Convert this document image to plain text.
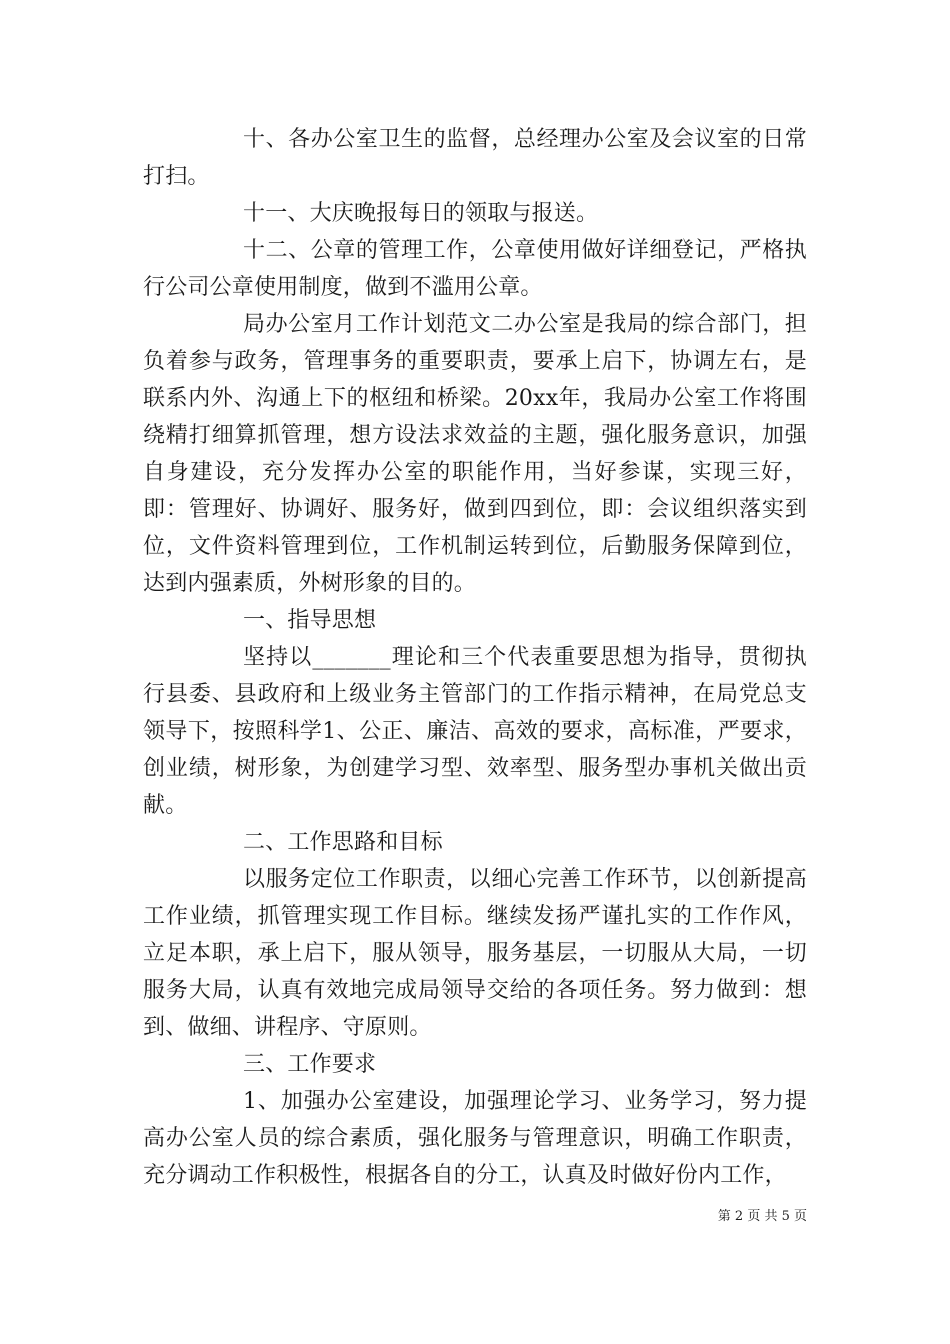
十、各办公室卫生的监督，总经理办公室及会议室的日常打扫。

十一、大庆晚报每日的领取与报送。

十二、公章的管理工作，公章使用做好详细登记，严格执行公司公章使用制度，做到不滥用公章。

局办公室月工作计划范文二办公室是我局的综合部门，担负着参与政务，管理事务的重要职责，要承上启下，协调左右，是联系内外、沟通上下的枢纽和桥梁。20xx年，我局办公室工作将围绕精打细算抓管理，想方设法求效益的主题，强化服务意识，加强自身建设，充分发挥办公室的职能作用，当好参谋，实现三好，即：管理好、协调好、服务好，做到四到位，即：会议组织落实到位，文件资料管理到位，工作机制运转到位，后勤服务保障到位，达到内强素质，外树形象的目的。

一、指导思想

坚持以_______理论和三个代表重要思想为指导，贯彻执行县委、县政府和上级业务主管部门的工作指示精神，在局党总支领导下，按照科学1、公正、廉洁、高效的要求，高标准，严要求，创业绩，树形象，为创建学习型、效率型、服务型办事机关做出贡献。

二、工作思路和目标

以服务定位工作职责，以细心完善工作环节，以创新提高工作业绩，抓管理实现工作目标。继续发扬严谨扎实的工作作风，立足本职，承上启下，服从领导，服务基层，一切服从大局，一切服务大局，认真有效地完成局领导交给的各项任务。努力做到：想到、做细、讲程序、守原则。

三、工作要求

1、加强办公室建设，加强理论学习、业务学习，努力提高办公室人员的综合素质，强化服务与管理意识，明确工作职责，充分调动工作积极性，根据各自的分工，认真及时做好份内工作，

第 2 页 共 5 页
